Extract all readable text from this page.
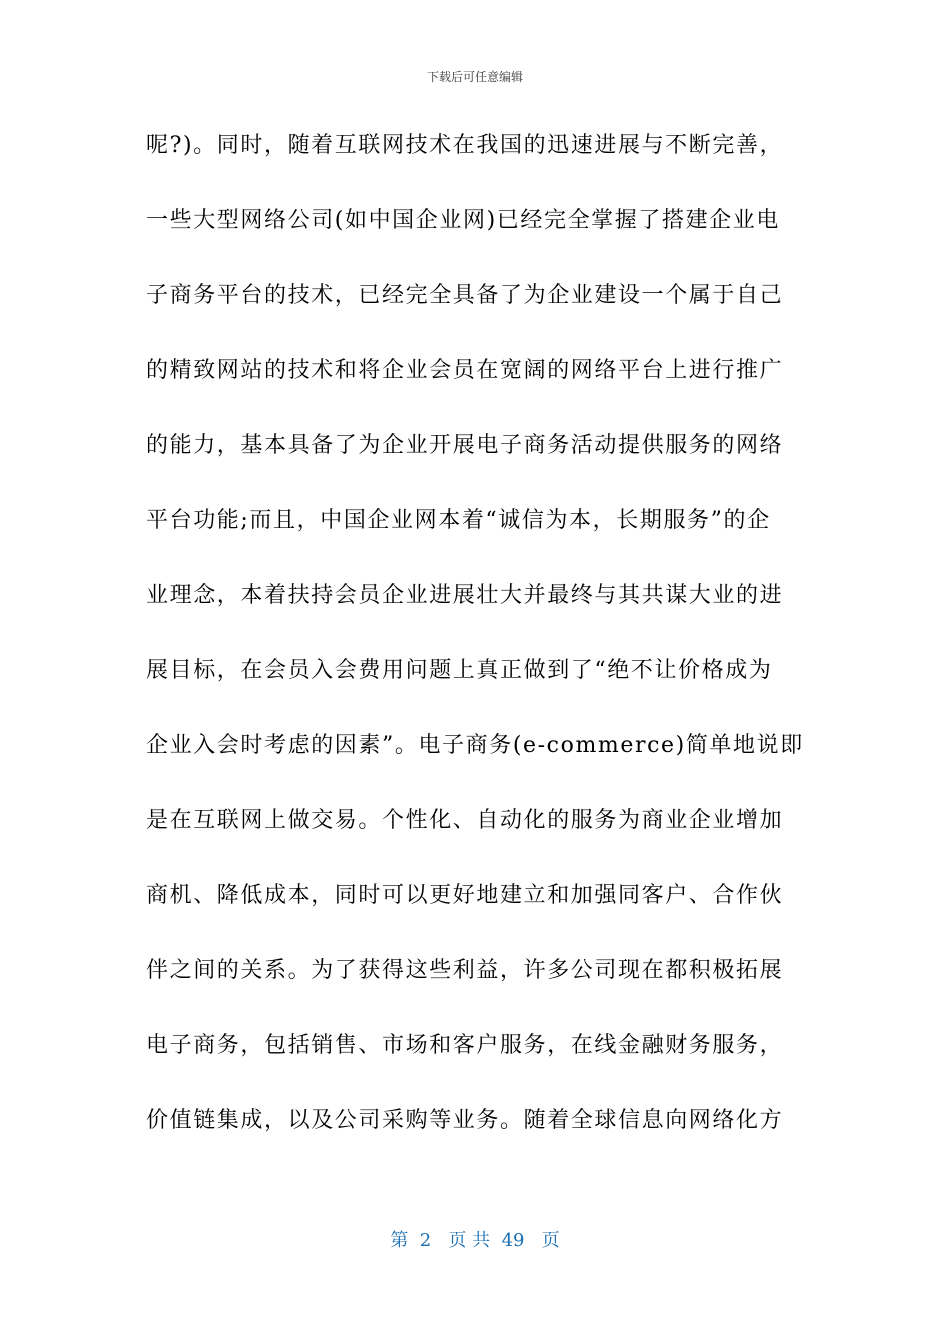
下载后可任意编辑
呢?)。同时，随着互联网技术在我国的迅速进展与不断完善，
一些大型网络公司(如中国企业网)已经完全掌握了搭建企业电
子商务平台的技术，已经完全具备了为企业建设一个属于自己
的精致网站的技术和将企业会员在宽阔的网络平台上进行推广
的能力，基本具备了为企业开展电子商务活动提供服务的网络
平台功能;而且，中国企业网本着“诚信为本，长期服务”的企
业理念，本着扶持会员企业进展壮大并最终与其共谋大业的进
展目标，在会员入会费用问题上真正做到了“绝不让价格成为
企业入会时考虑的因素”。电子商务(e-commerce)简单地说即
是在互联网上做交易。个性化、自动化的服务为商业企业增加
商机、降低成本，同时可以更好地建立和加强同客户、合作伙
伴之间的关系。为了获得这些利益，许多公司现在都积极拓展
电子商务，包括销售、市场和客户服务，在线金融财务服务，
价值链集成，以及公司采购等业务。随着全球信息向网络化方
第  2   页 共  49   页
